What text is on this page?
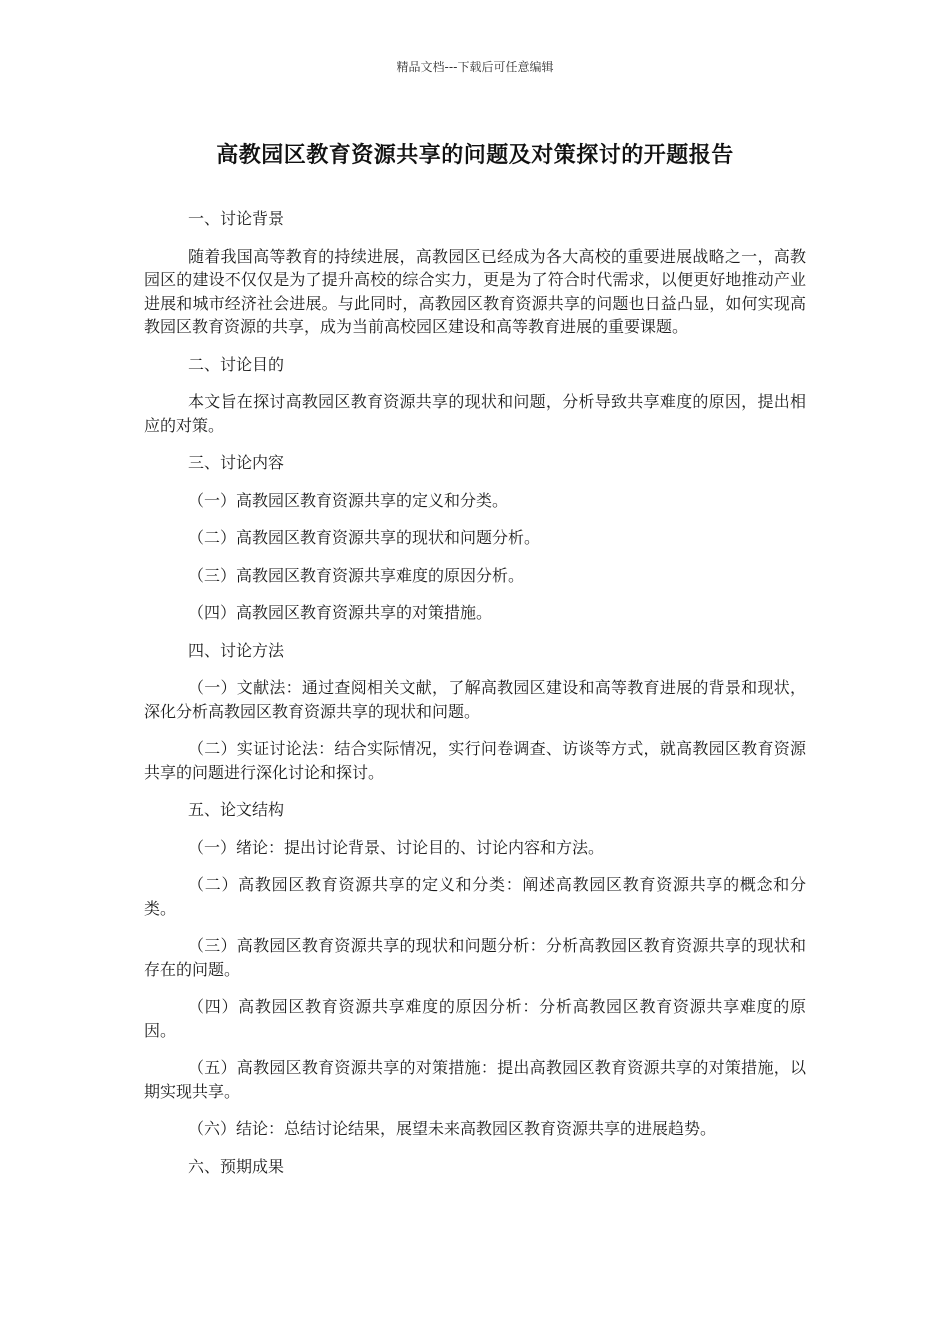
精品文档---下载后可任意编辑
高教园区教育资源共享的问题及对策探讨的开题报告

一、讨论背景

随着我国高等教育的持续进展，高教园区已经成为各大高校的重要进展战略之一，高教园区的建设不仅仅是为了提升高校的综合实力，更是为了符合时代需求，以便更好地推动产业进展和城市经济社会进展。与此同时，高教园区教育资源共享的问题也日益凸显，如何实现高教园区教育资源的共享，成为当前高校园区建设和高等教育进展的重要课题。

二、讨论目的

本文旨在探讨高教园区教育资源共享的现状和问题，分析导致共享难度的原因，提出相应的对策。

三、讨论内容

（一）高教园区教育资源共享的定义和分类。

（二）高教园区教育资源共享的现状和问题分析。

（三）高教园区教育资源共享难度的原因分析。

（四）高教园区教育资源共享的对策措施。

四、讨论方法

（一）文献法：通过查阅相关文献，了解高教园区建设和高等教育进展的背景和现状，深化分析高教园区教育资源共享的现状和问题。

（二）实证讨论法：结合实际情况，实行问卷调查、访谈等方式，就高教园区教育资源共享的问题进行深化讨论和探讨。

五、论文结构

（一）绪论：提出讨论背景、讨论目的、讨论内容和方法。

（二）高教园区教育资源共享的定义和分类：阐述高教园区教育资源共享的概念和分类。

（三）高教园区教育资源共享的现状和问题分析：分析高教园区教育资源共享的现状和存在的问题。

（四）高教园区教育资源共享难度的原因分析：分析高教园区教育资源共享难度的原因。

（五）高教园区教育资源共享的对策措施：提出高教园区教育资源共享的对策措施，以期实现共享。

（六）结论：总结讨论结果，展望未来高教园区教育资源共享的进展趋势。

六、预期成果
